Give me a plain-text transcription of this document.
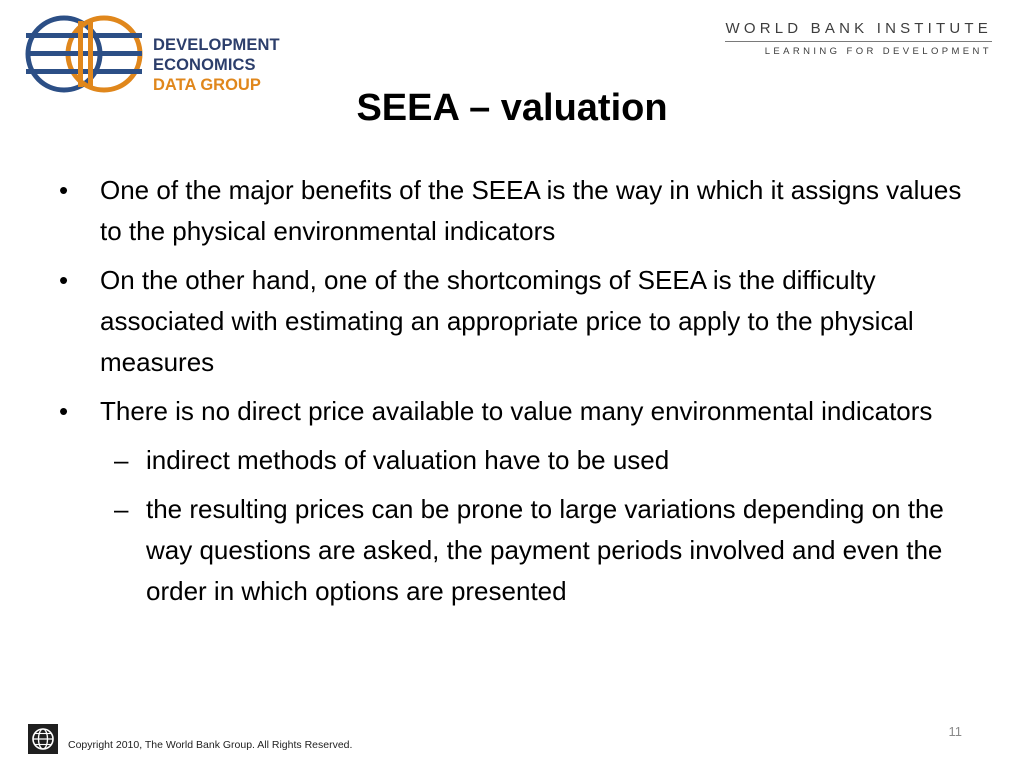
DEVELOPMENT ECONOMICS
DATA GROUP
WORLD BANK INSTITUTE
LEARNING FOR DEVELOPMENT
SEEA – valuation
• One of the major benefits of the SEEA is the way in which it assigns values to the physical environmental indicators
• On the other hand, one of the shortcomings of SEEA is the difficulty associated with estimating an appropriate price to apply to the physical measures
• There is no direct price available to value many environmental indicators
– indirect methods of valuation have to be used
– the resulting prices can be prone to large variations depending on the way questions are asked, the payment periods involved and even the order in which options are presented
Copyright 2010, The World Bank Group. All Rights Reserved.
11
